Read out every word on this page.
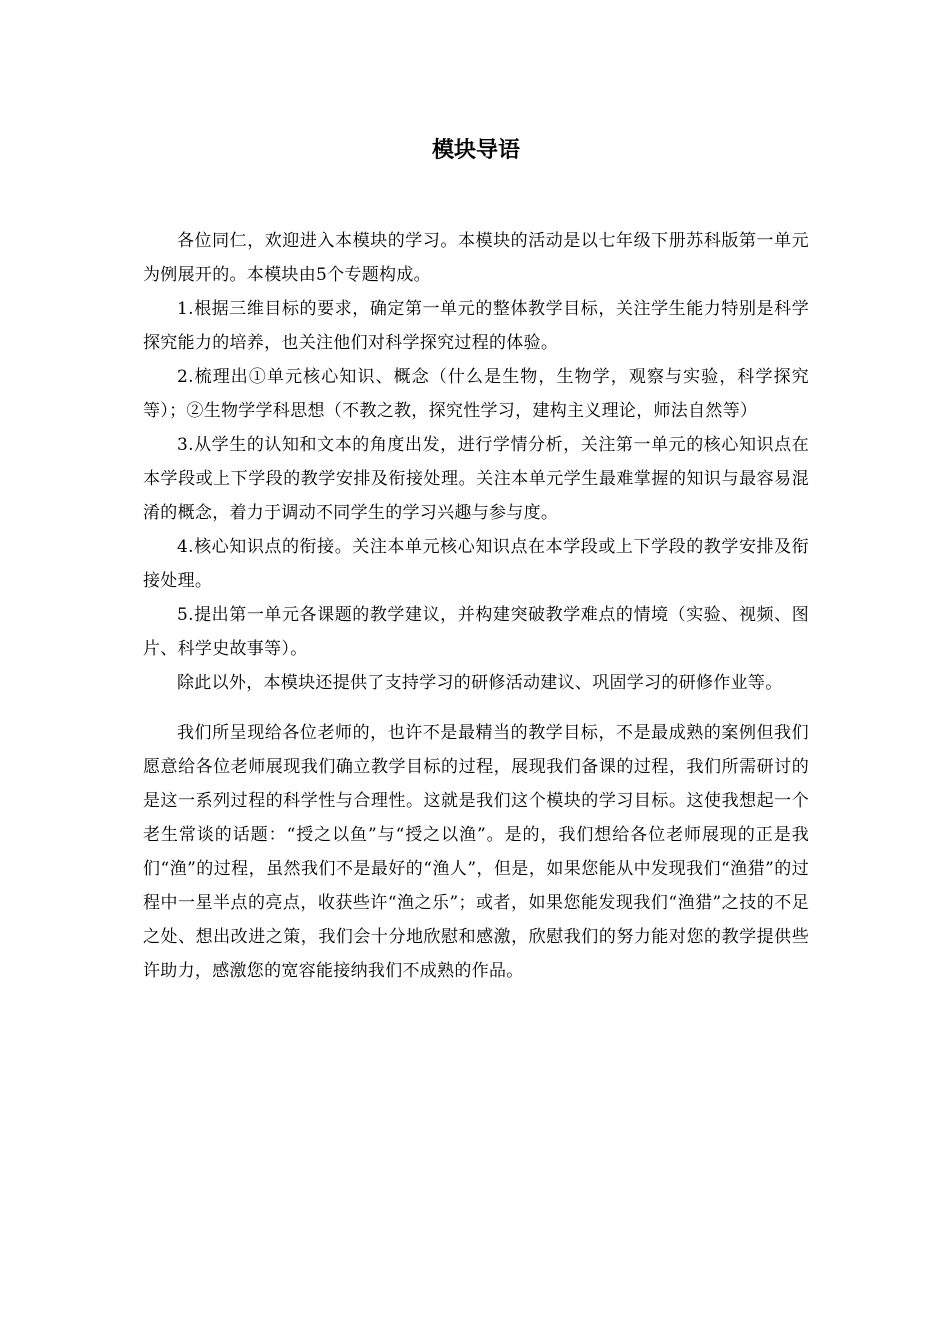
模块导语

各位同仁，欢迎进入本模块的学习。本模块的活动是以七年级下册苏科版第一单元为例展开的。本模块由5个专题构成。

1.根据三维目标的要求，确定第一单元的整体教学目标，关注学生能力特别是科学探究能力的培养，也关注他们对科学探究过程的体验。

2.梳理出①单元核心知识、概念（什么是生物，生物学，观察与实验，科学探究等）；②生物学学科思想（不教之教，探究性学习，建构主义理论，师法自然等）

3.从学生的认知和文本的角度出发，进行学情分析，关注第一单元的核心知识点在本学段或上下学段的教学安排及衔接处理。关注本单元学生最难掌握的知识与最容易混淆的概念，着力于调动不同学生的学习兴趣与参与度。

4.核心知识点的衔接。关注本单元核心知识点在本学段或上下学段的教学安排及衔接处理。

5.提出第一单元各课题的教学建议，并构建突破教学难点的情境（实验、视频、图片、科学史故事等）。

除此以外，本模块还提供了支持学习的研修活动建议、巩固学习的研修作业等。

我们所呈现给各位老师的，也许不是最精当的教学目标，不是最成熟的案例但我们愿意给各位老师展现我们确立教学目标的过程，展现我们备课的过程，我们所需研讨的是这一系列过程的科学性与合理性。这就是我们这个模块的学习目标。这使我想起一个老生常谈的话题：“授之以鱼”与“授之以渔”。是的，我们想给各位老师展现的正是我们“渔”的过程，虽然我们不是最好的“渔人”，但是，如果您能从中发现我们“渔猎”的过程中一星半点的亮点，收获些许“渔之乐”；或者，如果您能发现我们“渔猎”之技的不足之处、想出改进之策，我们会十分地欣慰和感激，欣慰我们的努力能对您的教学提供些许助力，感激您的宽容能接纳我们不成熟的作品。
